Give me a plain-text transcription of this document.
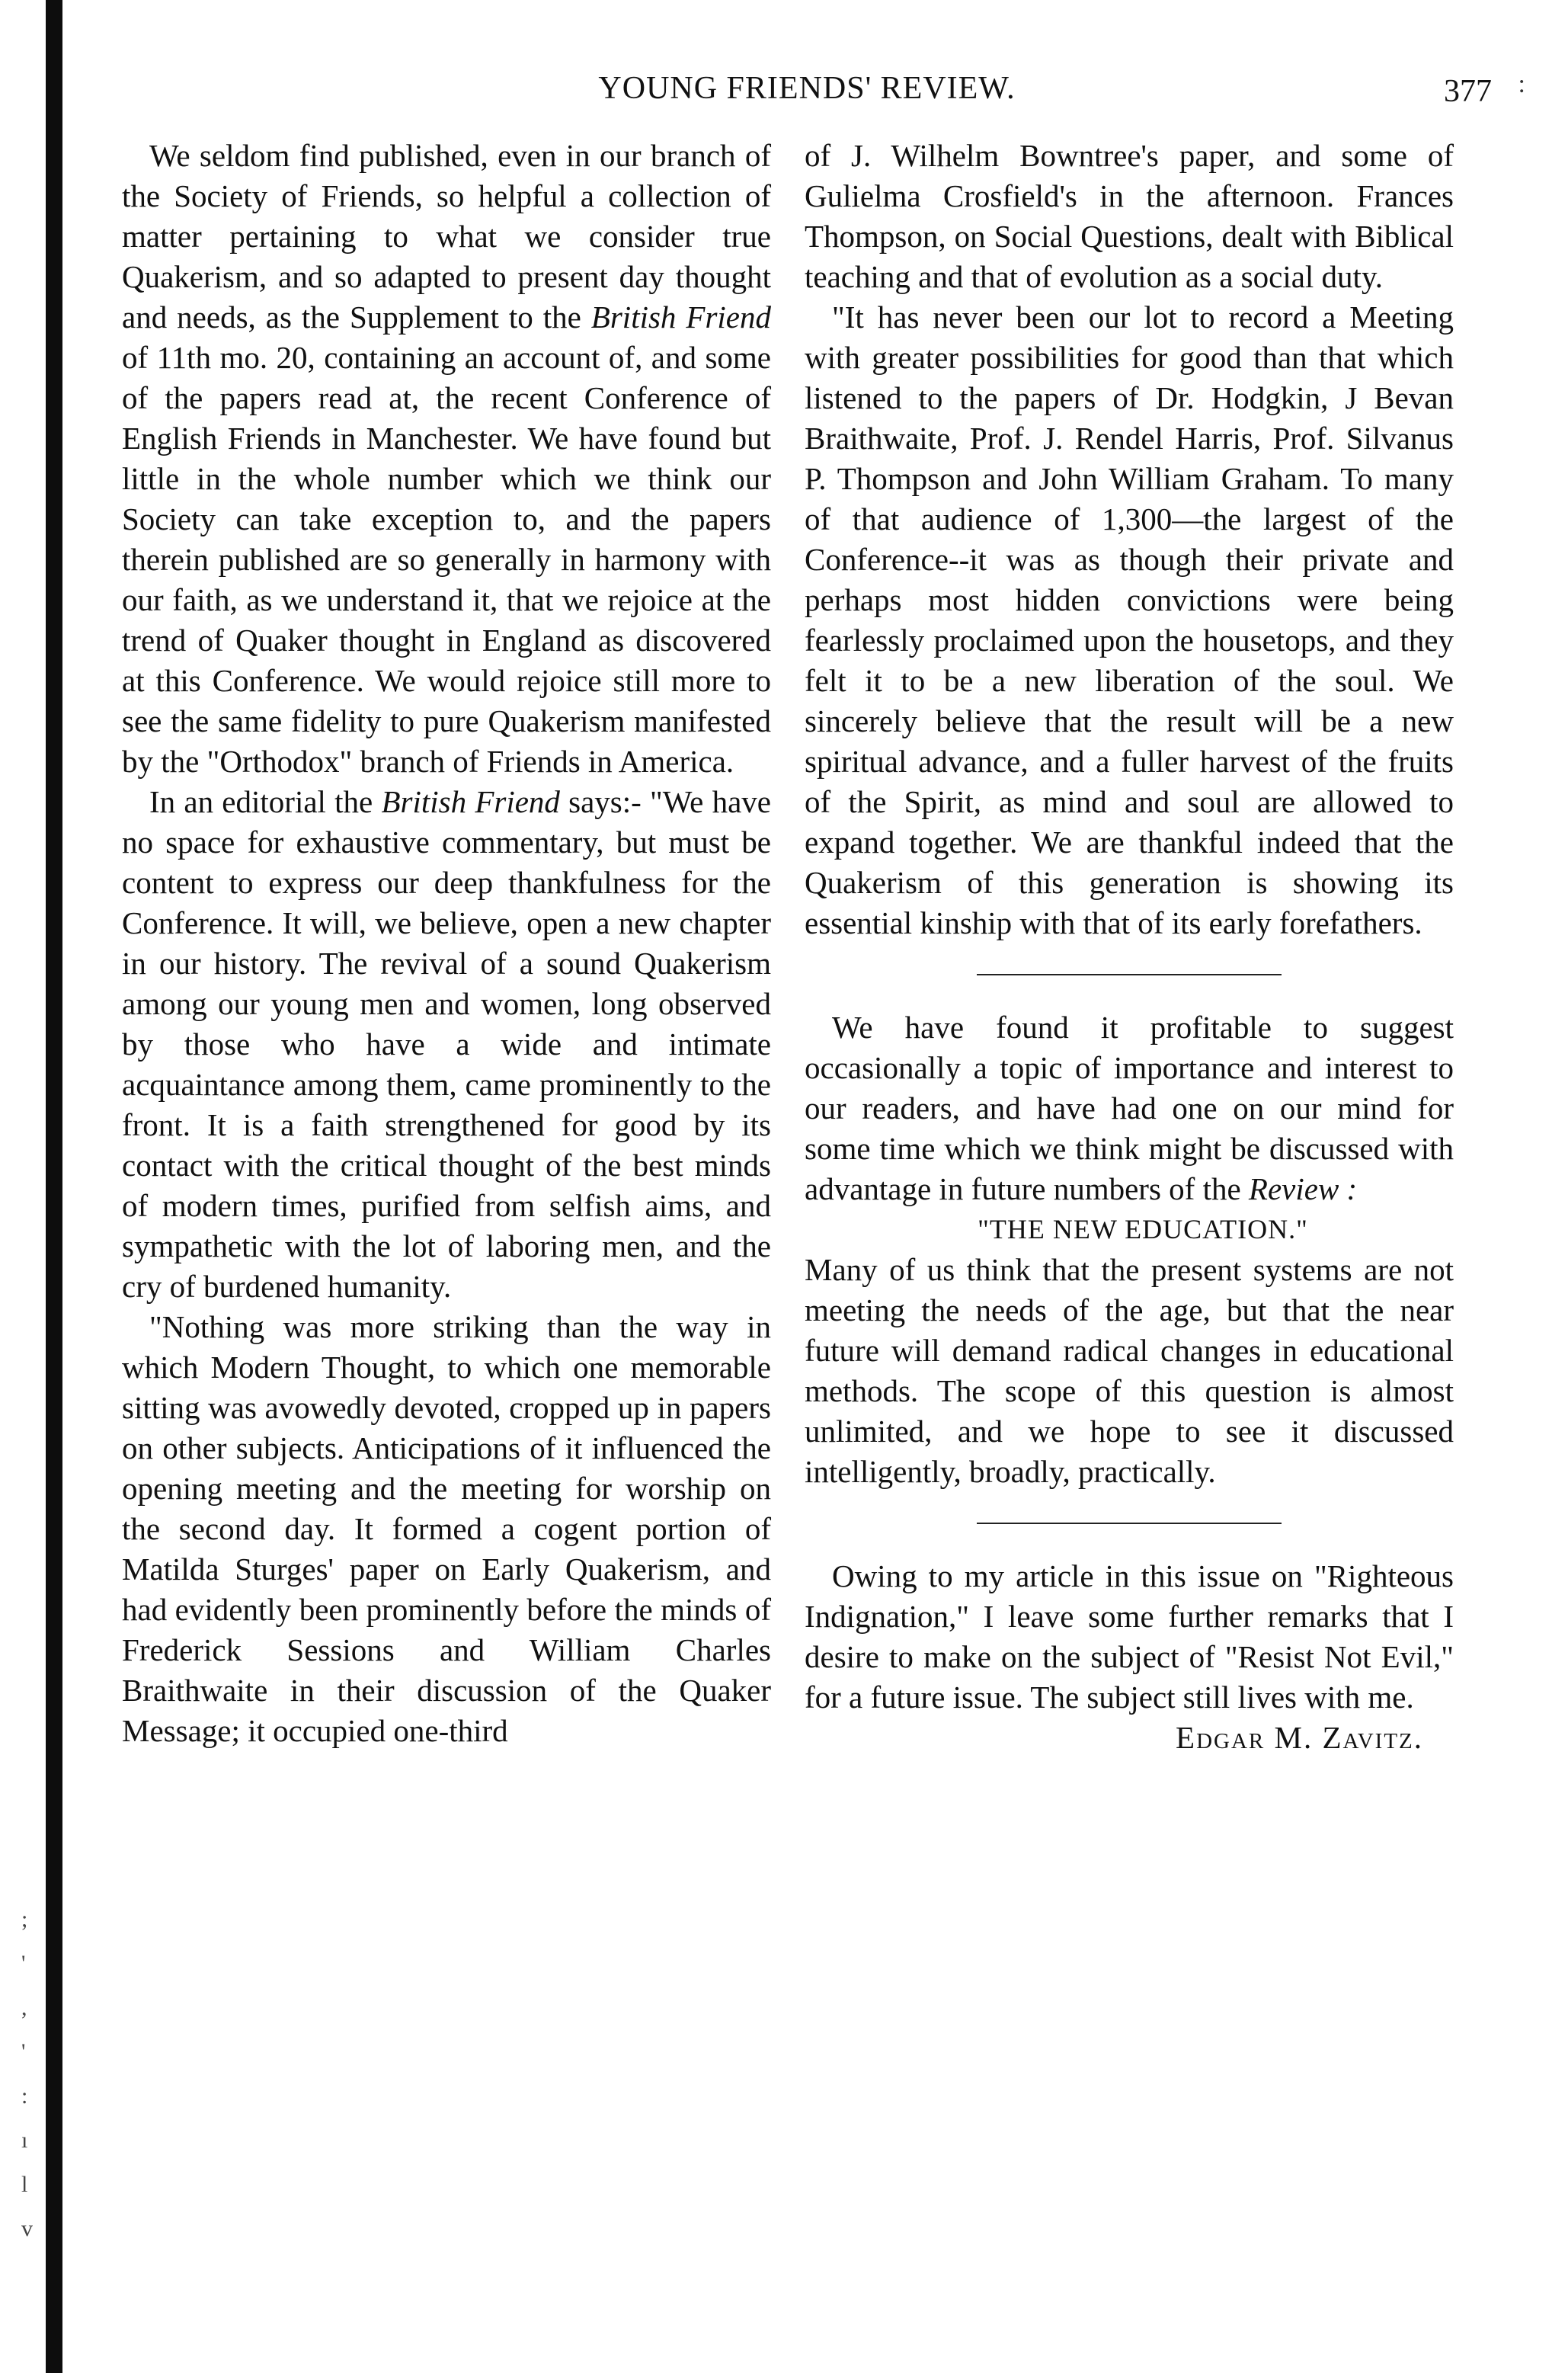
;
'
,
'
:
ı
l
v
:
YOUNG FRIENDS' REVIEW.	377

We seldom find published, even in our branch of the Society of Friends, so helpful a collection of matter pertaining to what we consider true Quakerism, and so adapted to present day thought and needs, as the Supplement to the British Friend of 11th mo. 20, containing an account of, and some of the papers read at, the recent Conference of English Friends in Manchester. We have found but little in the whole number which we think our Society can take exception to, and the papers therein published are so generally in harmony with our faith, as we understand it, that we rejoice at the trend of Quaker thought in England as discovered at this Conference. We would rejoice still more to see the same fidelity to pure Quakerism manifested by the "Orthodox" branch of Friends in America.

In an editorial the British Friend says:- "We have no space for exhaustive commentary, but must be content to express our deep thankfulness for the Conference. It will, we believe, open a new chapter in our history. The revival of a sound Quakerism among our young men and women, long observed by those who have a wide and intimate acquaintance among them, came prominently to the front. It is a faith strengthened for good by its contact with the critical thought of the best minds of modern times, purified from selfish aims, and sympathetic with the lot of laboring men, and the cry of burdened humanity.

"Nothing was more striking than the way in which Modern Thought, to which one memorable sitting was avowedly devoted, cropped up in papers on other subjects. Anticipations of it influenced the opening meeting and the meeting for worship on the second day. It formed a cogent portion of Matilda Sturges' paper on Early Quakerism, and had evidently been prominently before the minds of Frederick Sessions and William Charles Braithwaite in their discussion of the Quaker Message; it occupied one-third

of J. Wilhelm Bowntree's paper, and some of Gulielma Crosfield's in the afternoon. Frances Thompson, on Social Questions, dealt with Biblical teaching and that of evolution as a social duty.

"It has never been our lot to record a Meeting with greater possibilities for good than that which listened to the papers of Dr. Hodgkin, J Bevan Braithwaite, Prof. J. Rendel Harris, Prof. Silvanus P. Thompson and John William Graham. To many of that audience of 1,300—the largest of the Conference--it was as though their private and perhaps most hidden convictions were being fearlessly proclaimed upon the housetops, and they felt it to be a new liberation of the soul. We sincerely believe that the result will be a new spiritual advance, and a fuller harvest of the fruits of the Spirit, as mind and soul are allowed to expand together. We are thankful indeed that the Quakerism of this generation is showing its essential kinship with that of its early forefathers.

We have found it profitable to suggest occasionally a topic of importance and interest to our readers, and have had one on our mind for some time which we think might be discussed with advantage in future numbers of the Review :

"THE NEW EDUCATION."

Many of us think that the present systems are not meeting the needs of the age, but that the near future will demand radical changes in educational methods. The scope of this question is almost unlimited, and we hope to see it discussed intelligently, broadly, practically.

Owing to my article in this issue on "Righteous Indignation," I leave some further remarks that I desire to make on the subject of "Resist Not Evil," for a future issue. The subject still lives with me.

Edgar M. Zavitz.
